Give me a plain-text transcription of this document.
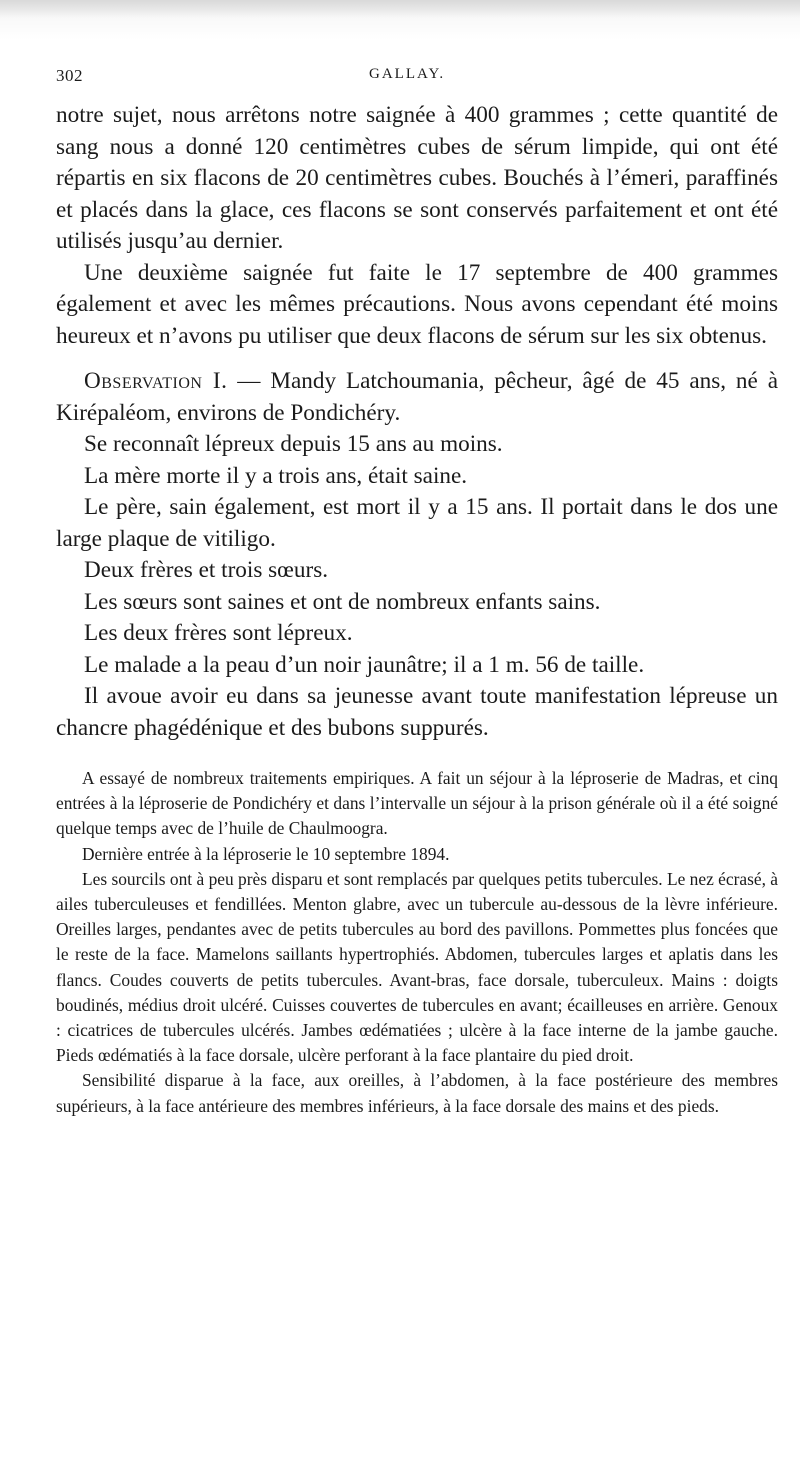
302	GALLAY.

notre sujet, nous arrêtons notre saignée à 400 grammes ; cette quantité de sang nous a donné 120 centimètres cubes de sérum limpide, qui ont été répartis en six flacons de 20 centimètres cubes. Bouchés à l’émeri, paraffinés et placés dans la glace, ces flacons se sont conservés parfaitement et ont été utilisés jusqu’au dernier.

Une deuxième saignée fut faite le 17 septembre de 400 grammes également et avec les mêmes précautions. Nous avons cependant été moins heureux et n’avons pu utiliser que deux flacons de sérum sur les six obtenus.

Observation I. — Mandy Latchoumania, pêcheur, âgé de 45 ans, né à Kirépaléom, environs de Pondichéry.

Se reconnaît lépreux depuis 15 ans au moins.

La mère morte il y a trois ans, était saine.

Le père, sain également, est mort il y a 15 ans. Il portait dans le dos une large plaque de vitiligo.

Deux frères et trois sœurs.

Les sœurs sont saines et ont de nombreux enfants sains.

Les deux frères sont lépreux.

Le malade a la peau d’un noir jaunâtre; il a 1 m. 56 de taille.

Il avoue avoir eu dans sa jeunesse avant toute manifestation lépreuse un chancre phagédénique et des bubons suppurés.

A essayé de nombreux traitements empiriques. A fait un séjour à la léproserie de Madras, et cinq entrées à la léproserie de Pondichéry et dans l’intervalle un séjour à la prison générale où il a été soigné quelque temps avec de l’huile de Chaulmoogra.

Dernière entrée à la léproserie le 10 septembre 1894.

Les sourcils ont à peu près disparu et sont remplacés par quelques petits tubercules. Le nez écrasé, à ailes tuberculeuses et fendillées. Menton glabre, avec un tubercule au-dessous de la lèvre inférieure. Oreilles larges, pendantes avec de petits tubercules au bord des pavillons. Pommettes plus foncées que le reste de la face. Mamelons saillants hypertrophiés. Abdomen, tubercules larges et aplatis dans les flancs. Coudes couverts de petits tubercules. Avant-bras, face dorsale, tuberculeux. Mains : doigts boudinés, médius droit ulcéré. Cuisses couvertes de tubercules en avant; écailleuses en arrière. Genoux : cicatrices de tubercules ulcérés. Jambes œdématiées ; ulcère à la face interne de la jambe gauche. Pieds œdématiés à la face dorsale, ulcère perforant à la face plantaire du pied droit.

Sensibilité disparue à la face, aux oreilles, à l’abdomen, à la face postérieure des membres supérieurs, à la face antérieure des membres inférieurs, à la face dorsale des mains et des pieds.
